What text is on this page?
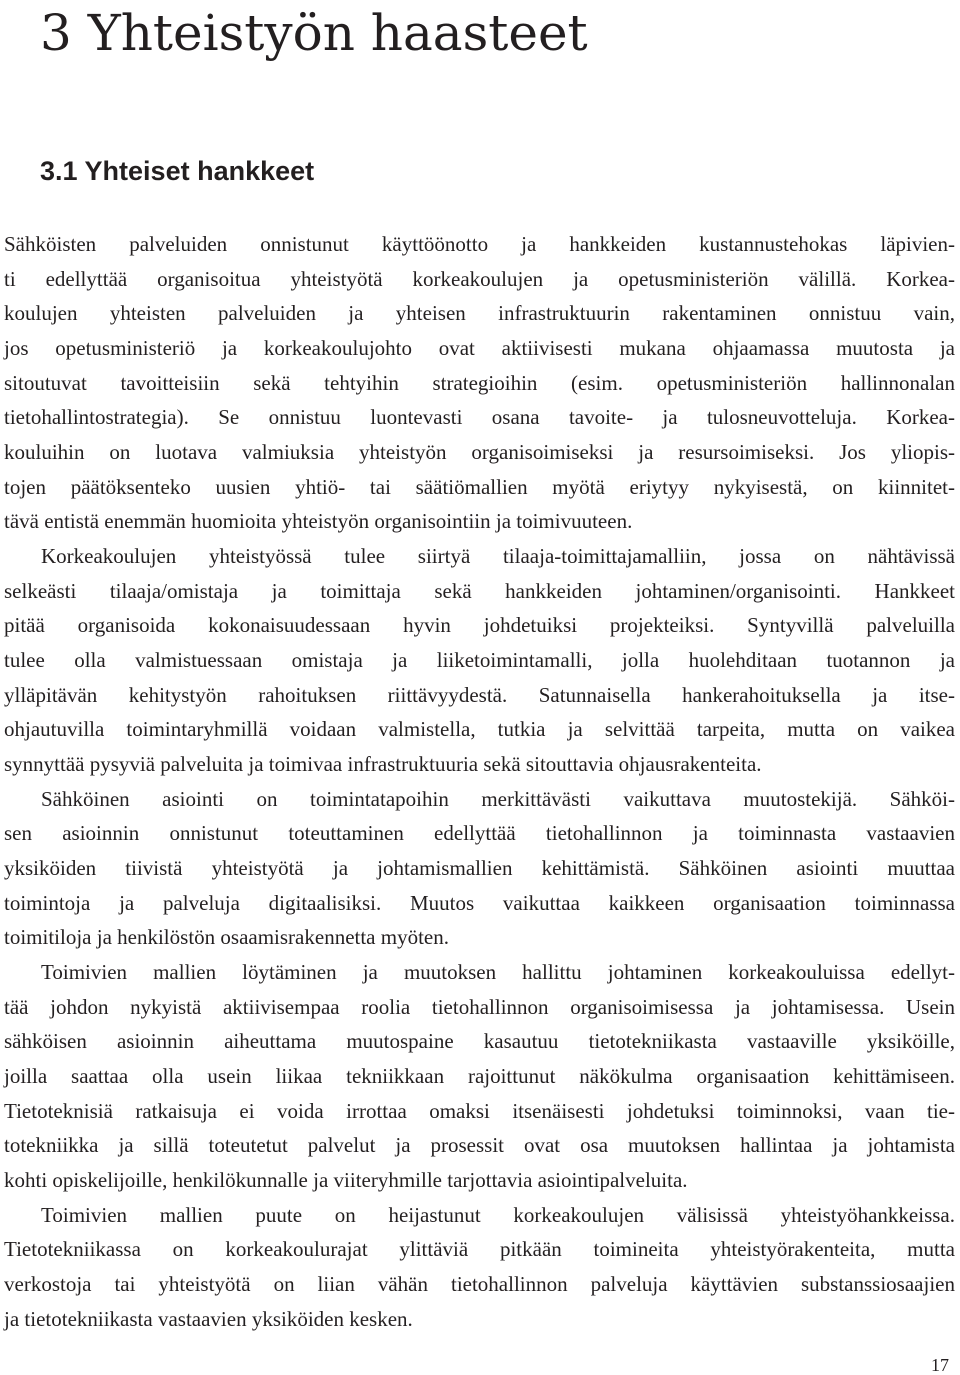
3 Yhteistyön haasteet
3.1 Yhteiset hankkeet
Sähköisten palveluiden onnistunut käyttöönotto ja hankkeiden kustannustehokas läpivien-
ti edellyttää organisoitua yhteistyötä korkeakoulujen ja opetusministeriön välillä. Korkea-
koulujen yhteisten palveluiden ja yhteisen infrastruktuurin rakentaminen onnistuu vain,
jos opetusministeriö ja korkeakoulujohto ovat aktiivisesti mukana ohjaamassa muutosta ja
sitoutuvat tavoitteisiin sekä tehtyihin strategioihin (esim. opetusministeriön hallinnonalan
tietohallintostrategia). Se onnistuu luontevasti osana tavoite- ja tulosneuvotteluja. Korkea-
kouluihin on luotava valmiuksia yhteistyön organisoimiseksi ja resursoimiseksi. Jos yliopis-
tojen päätöksenteko uusien yhtiö- tai säätiömallien myötä eriytyy nykyisestä, on kiinnitet-
tävä entistä enemmän huomioita yhteistyön organisointiin ja toimivuuteen.
Korkeakoulujen yhteistyössä tulee siirtyä tilaaja-toimittajamalliin, jossa on nähtävissä
selkeästi tilaaja/omistaja ja toimittaja sekä hankkeiden johtaminen/organisointi. Hankkeet
pitää organisoida kokonaisuudessaan hyvin johdetuiksi projekteiksi. Syntyvillä palveluilla
tulee olla valmistuessaan omistaja ja liiketoimintamalli, jolla huolehditaan tuotannon ja
ylläpitävän kehitystyön rahoituksen riittävyydestä. Satunnaisella hankerahoituksella ja itse-
ohjautuvilla toimintaryhmillä voidaan valmistella, tutkia ja selvittää tarpeita, mutta on vaikea
synnyttää pysyviä palveluita ja toimivaa infrastruktuuria sekä sitouttavia ohjausrakenteita.
Sähköinen asiointi on toimintatapoihin merkittävästi vaikuttava muutostekijä. Sähköi-
sen asioinnin onnistunut toteuttaminen edellyttää tietohallinnon ja toiminnasta vastaavien
yksiköiden tiivistä yhteistyötä ja johtamismallien kehittämistä. Sähköinen asiointi muuttaa
toimintoja ja palveluja digitaalisiksi. Muutos vaikuttaa kaikkeen organisaation toiminnassa
toimitiloja ja henkilöstön osaamisrakennetta myöten.
Toimivien mallien löytäminen ja muutoksen hallittu johtaminen korkeakouluissa edellyt-
tää johdon nykyistä aktiivisempaa roolia tietohallinnon organisoimisessa ja johtamisessa. Usein
sähköisen asioinnin aiheuttama muutospaine kasautuu tietotekniikasta vastaaville yksiköille,
joilla saattaa olla usein liikaa tekniikkaan rajoittunut näkökulma organisaation kehittämiseen.
Tietoteknisiä ratkaisuja ei voida irrottaa omaksi itsenäisesti johdetuksi toiminnoksi, vaan tie-
totekniikka ja sillä toteutetut palvelut ja prosessit ovat osa muutoksen hallintaa ja johtamista
kohti opiskelijoille, henkilökunnalle ja viiteryhmille tarjottavia asiointipalveluita.
Toimivien mallien puute on heijastunut korkeakoulujen välisissä yhteistyöhankkeissa.
Tietotekniikassa on korkeakoulurajat ylittäviä pitkään toimineita yhteistyörakenteita, mutta
verkostoja tai yhteistyötä on liian vähän tietohallinnon palveluja käyttävien substanssiosaajien
ja tietotekniikasta vastaavien yksiköiden kesken.
17
